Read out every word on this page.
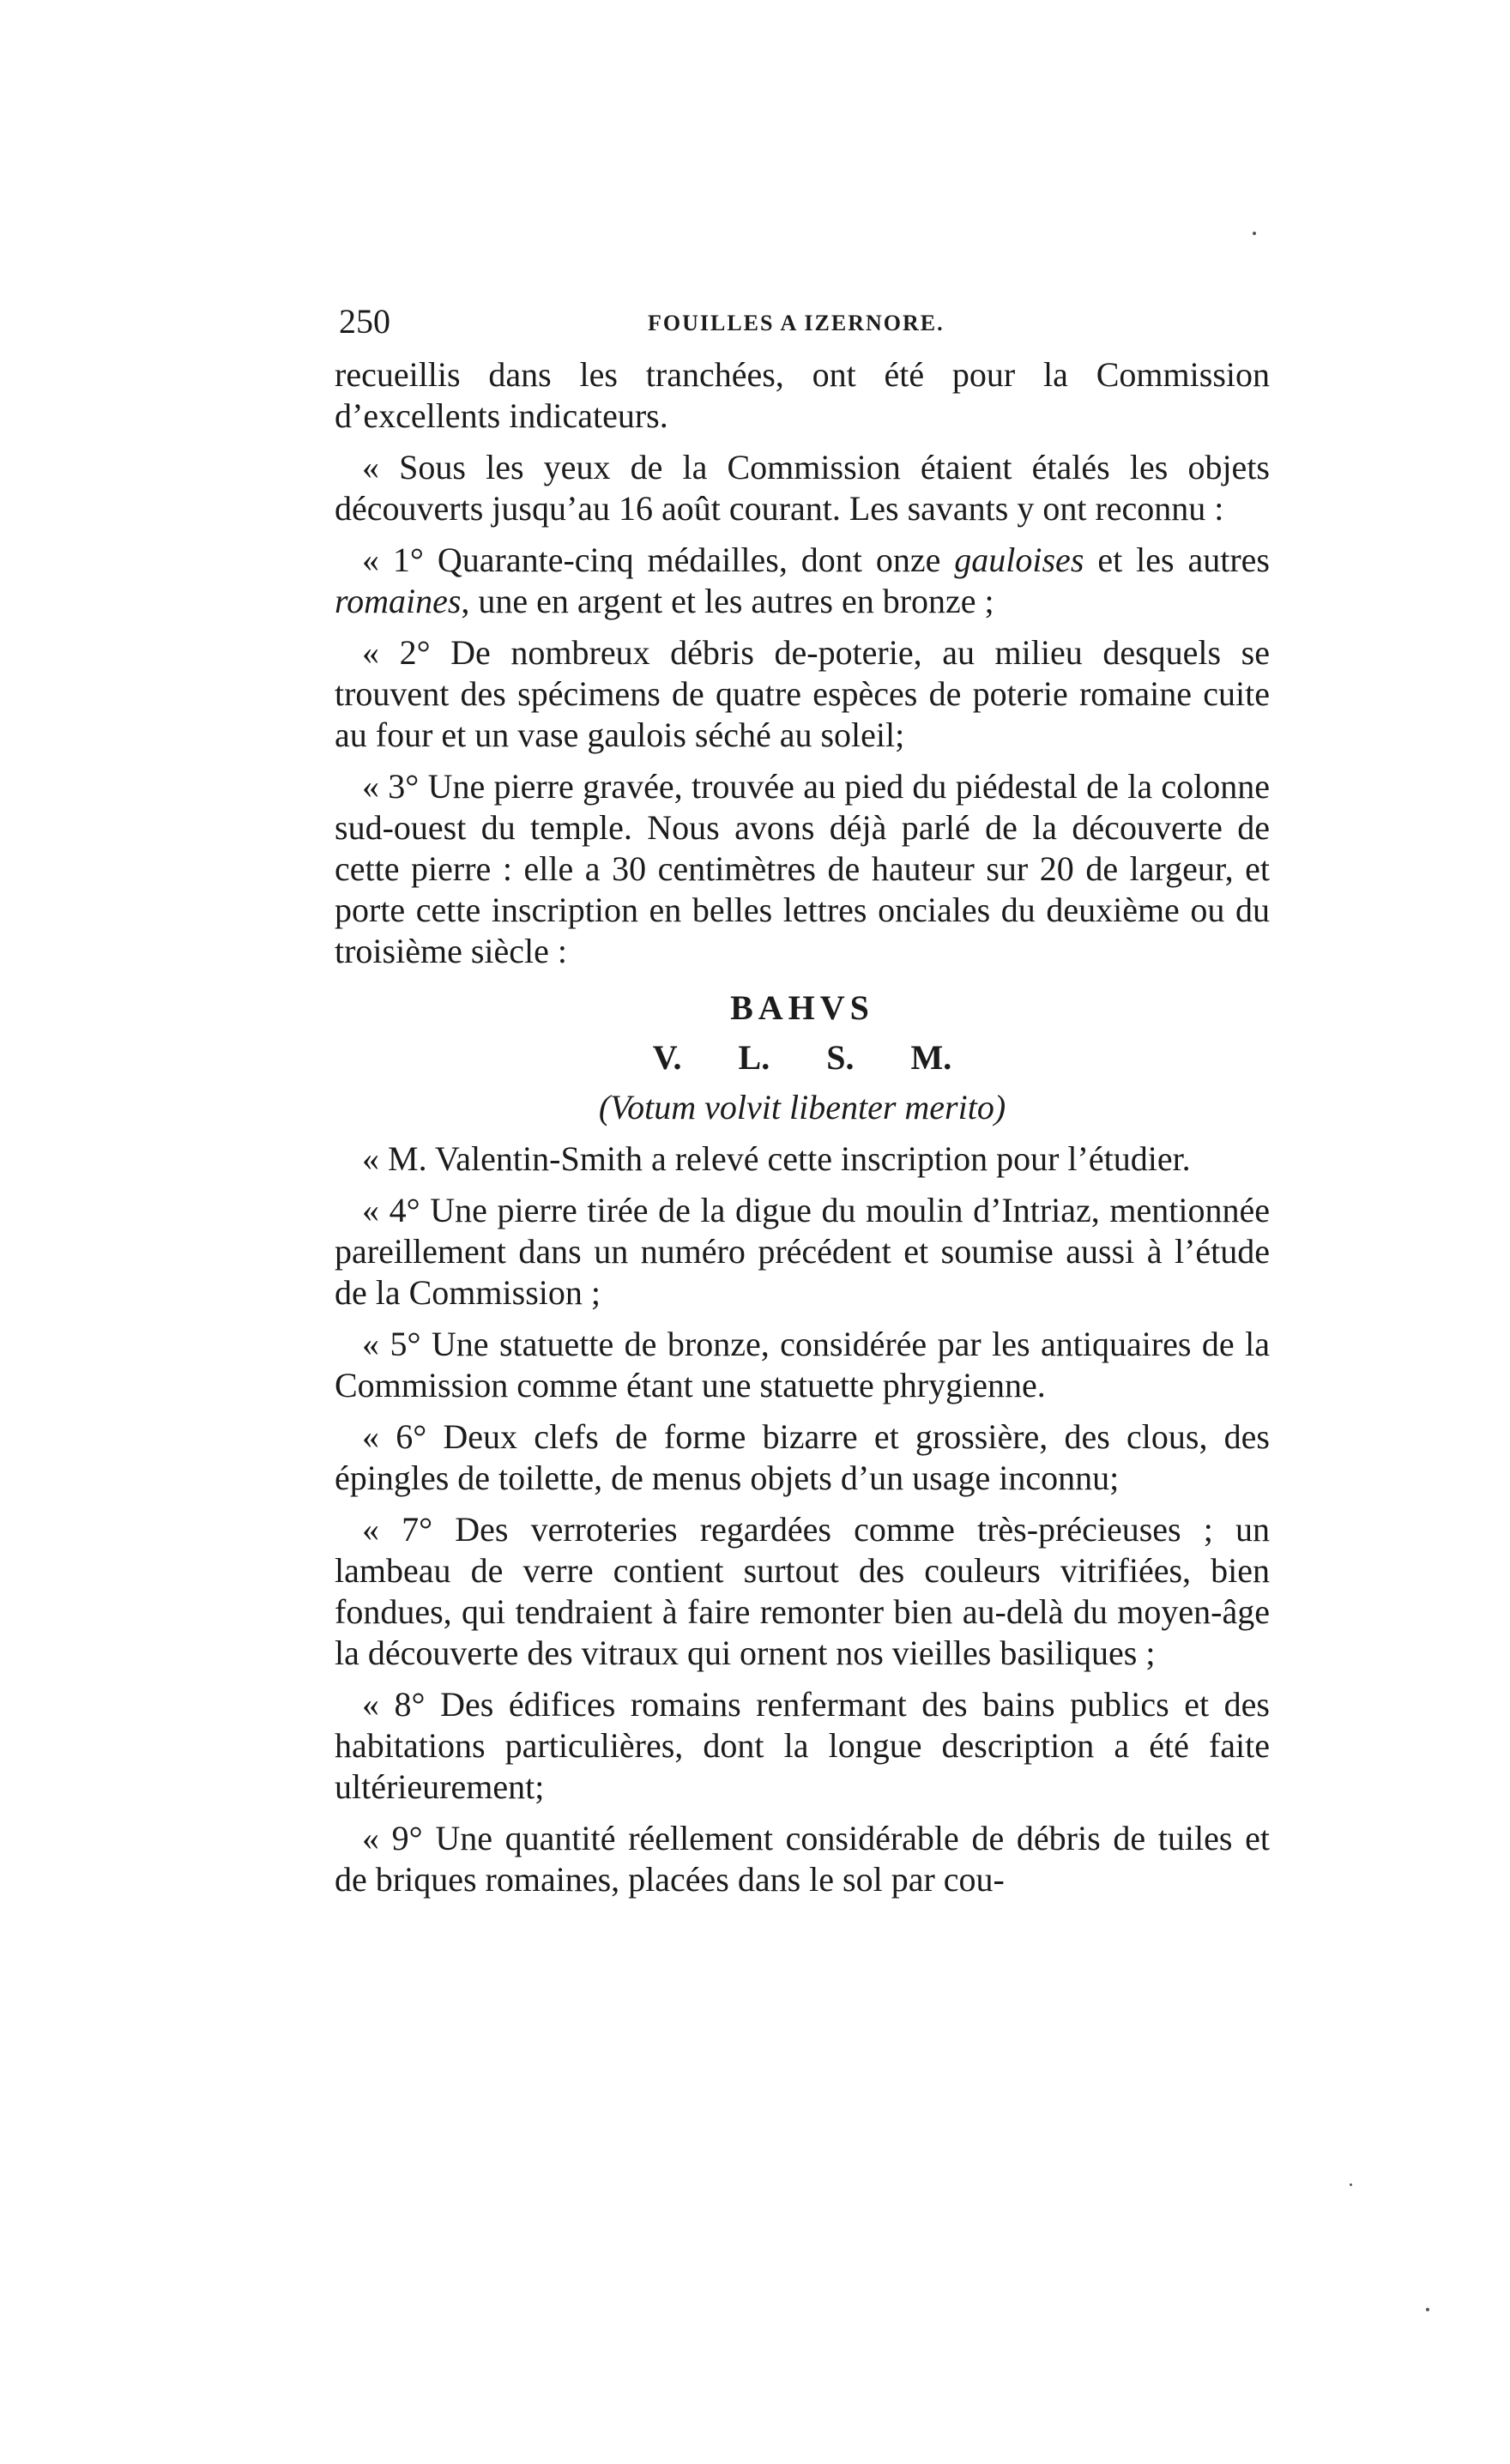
250	FOUILLES A IZERNORE.

recueillis dans les tranchées, ont été pour la Commission d’excellents indicateurs.

« Sous les yeux de la Commission étaient étalés les objets découverts jusqu’au 16 août courant. Les savants y ont reconnu :

« 1° Quarante-cinq médailles, dont onze gauloises et les autres romaines, une en argent et les autres en bronze ;

« 2° De nombreux débris de-poterie, au milieu desquels se trouvent des spécimens de quatre espèces de poterie romaine cuite au four et un vase gaulois séché au soleil;

« 3° Une pierre gravée, trouvée au pied du piédestal de la colonne sud-ouest du temple. Nous avons déjà parlé de la découverte de cette pierre : elle a 30 centimètres de hauteur sur 20 de largeur, et porte cette inscription en belles lettres onciales du deuxième ou du troisième siècle :

BAHVS
V. L. S. M.
(Votum volvit libenter merito)

« M. Valentin-Smith a relevé cette inscription pour l’étudier.

« 4° Une pierre tirée de la digue du moulin d’Intriaz, mentionnée pareillement dans un numéro précédent et soumise aussi à l’étude de la Commission ;

« 5° Une statuette de bronze, considérée par les antiquaires de la Commission comme étant une statuette phrygienne.

« 6° Deux clefs de forme bizarre et grossière, des clous, des épingles de toilette, de menus objets d’un usage inconnu;

« 7° Des verroteries regardées comme très-précieuses ; un lambeau de verre contient surtout des couleurs vitrifiées, bien fondues, qui tendraient à faire remonter bien au-delà du moyen-âge la découverte des vitraux qui ornent nos vieilles basiliques ;

« 8° Des édifices romains renfermant des bains publics et des habitations particulières, dont la longue description a été faite ultérieurement;

« 9° Une quantité réellement considérable de débris de tuiles et de briques romaines, placées dans le sol par cou-
